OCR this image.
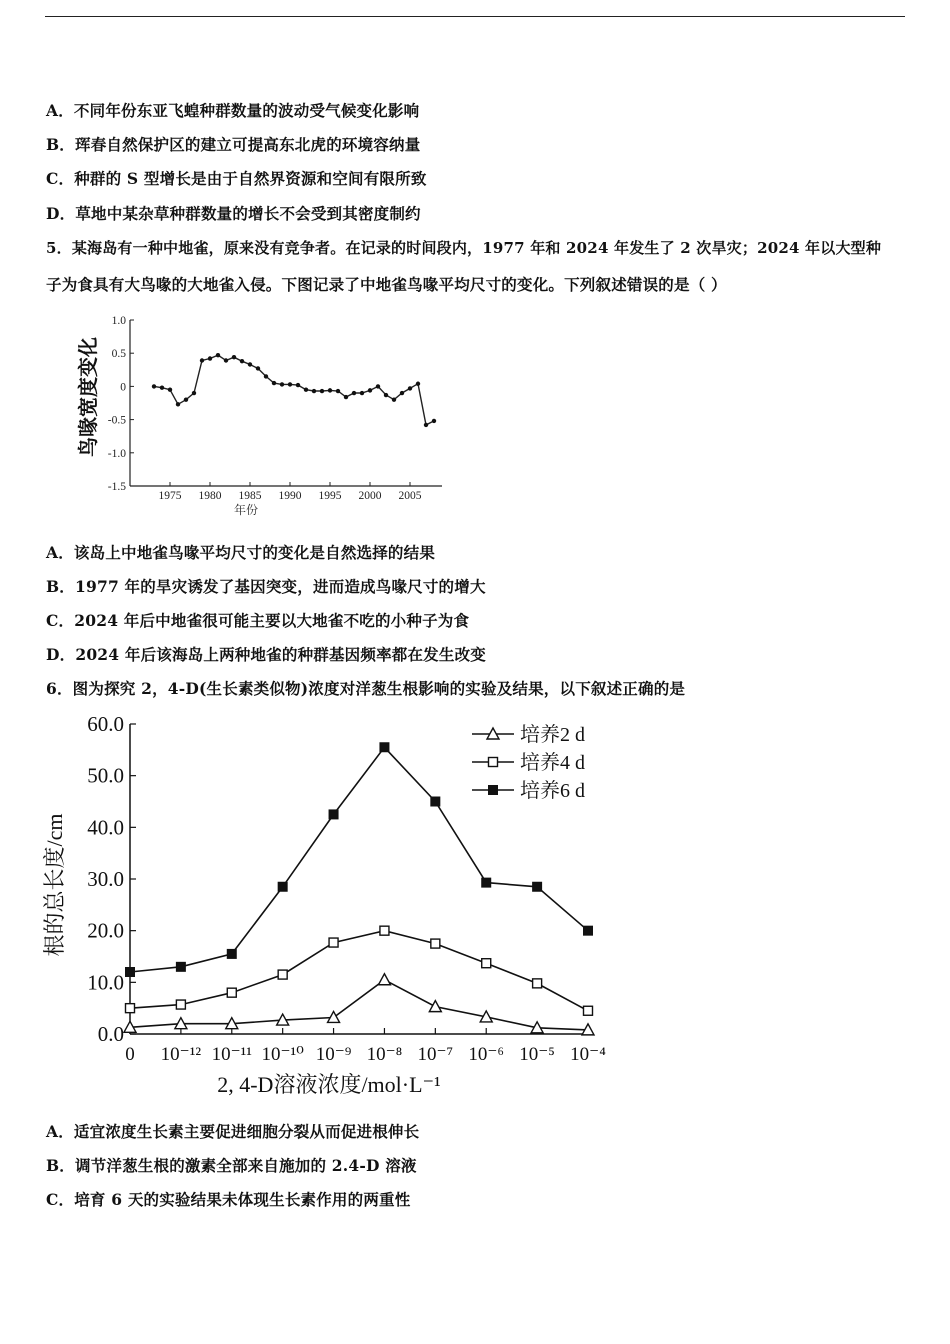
A．不同年份东亚飞蝗种群数量的波动受气候变化影响
B．珲春自然保护区的建立可提高东北虎的环境容纳量
C．种群的 S 型增长是由于自然界资源和空间有限所致
D．草地中某杂草种群数量的增长不会受到其密度制约
5．某海岛有一种中地雀，原来没有竞争者。在记录的时间段内，1977 年和 2024 年发生了 2 次旱灾；2024 年以大型种
子为食具有大鸟喙的大地雀入侵。下图记录了中地雀鸟喙平均尺寸的变化。下列叙述错误的是（ ）
1.0
0.5
0
-0.5
-1.0
-1.5
1975 1980 1985 1990 1995 2000 2005
年份
鸟喙宽度变化
A．该岛上中地雀鸟喙平均尺寸的变化是自然选择的结果
B．1977 年的旱灾诱发了基因突变，进而造成鸟喙尺寸的增大
C．2024 年后中地雀很可能主要以大地雀不吃的小种子为食
D．2024 年后该海岛上两种地雀的种群基因频率都在发生改变
6．图为探究 2，4-D(生长素类似物)浓度对洋葱生根影响的实验及结果，以下叙述正确的是
60.0
50.0
40.0
30.0
20.0
10.0
0.0
0 10⁻¹² 10⁻¹¹ 10⁻¹⁰ 10⁻⁹ 10⁻⁸ 10⁻⁷ 10⁻⁶ 10⁻⁵ 10⁻⁴
2, 4-D溶液浓度/mol·L⁻¹
根的总长度/cm
培养2 d
培养4 d
培养6 d
A．适宜浓度生长素主要促进细胞分裂从而促进根伸长
B．调节洋葱生根的激素全部来自施加的 2.4-D 溶液
C．培育 6 天的实验结果未体现生长素作用的两重性
